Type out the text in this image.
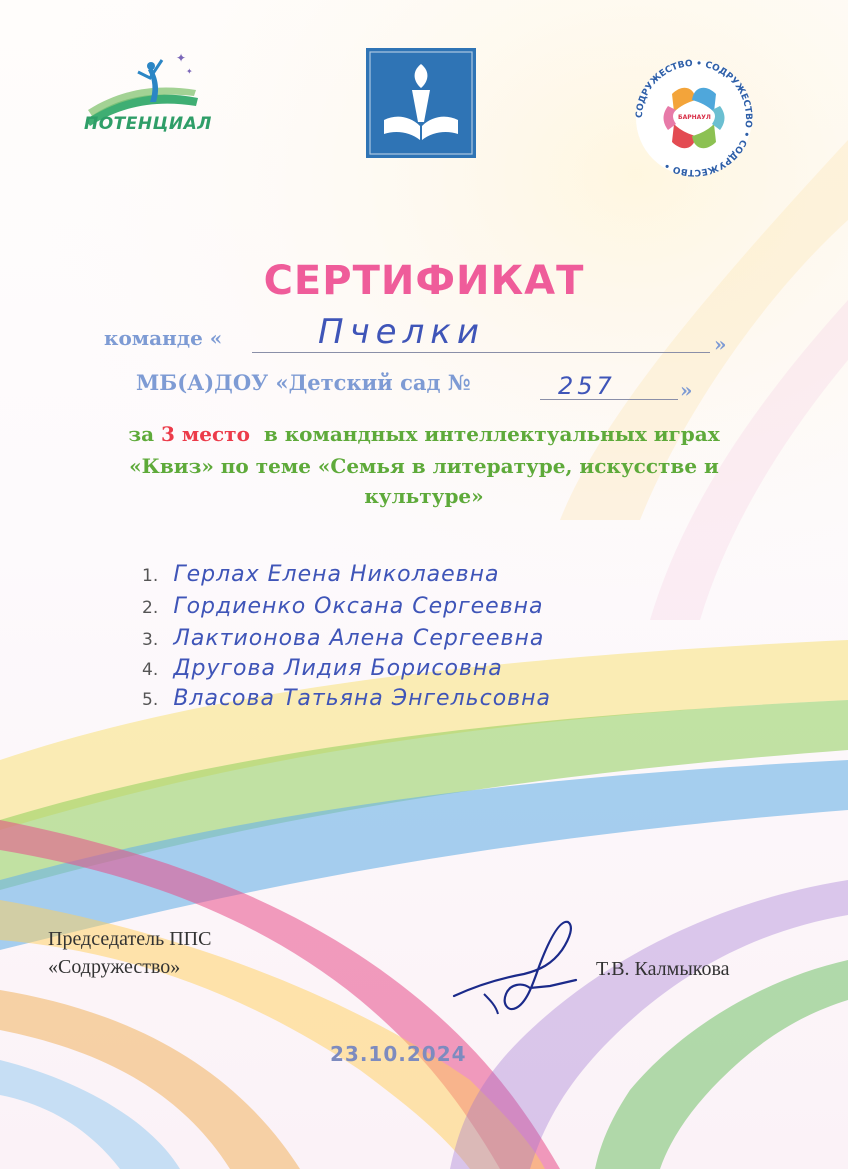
✦
✦
ПОТЕНЦИАЛ	СОДРУЖЕСТВО • СОДРУЖЕСТВО • СОДРУЖЕСТВО •
БАРНАУЛ
СЕРТИФИКАТ
команде «	Пчелки	»
МБ(А)ДОУ «Детский сад №	257	»
за 3 место  в командных интеллектуальных играх
«Квиз» по теме «Семья в литературе, искусстве и
культуре»
1. Герлах Елена Николаевна
2. Гордиенко Оксана Сергеевна
3. Лактионова Алена Сергеевна
4. Другова Лидия Борисовна
5. Власова Татьяна Энгельсовна
Председатель ППС
«Содружество»	Т.В. Калмыкова
23.10.2024
